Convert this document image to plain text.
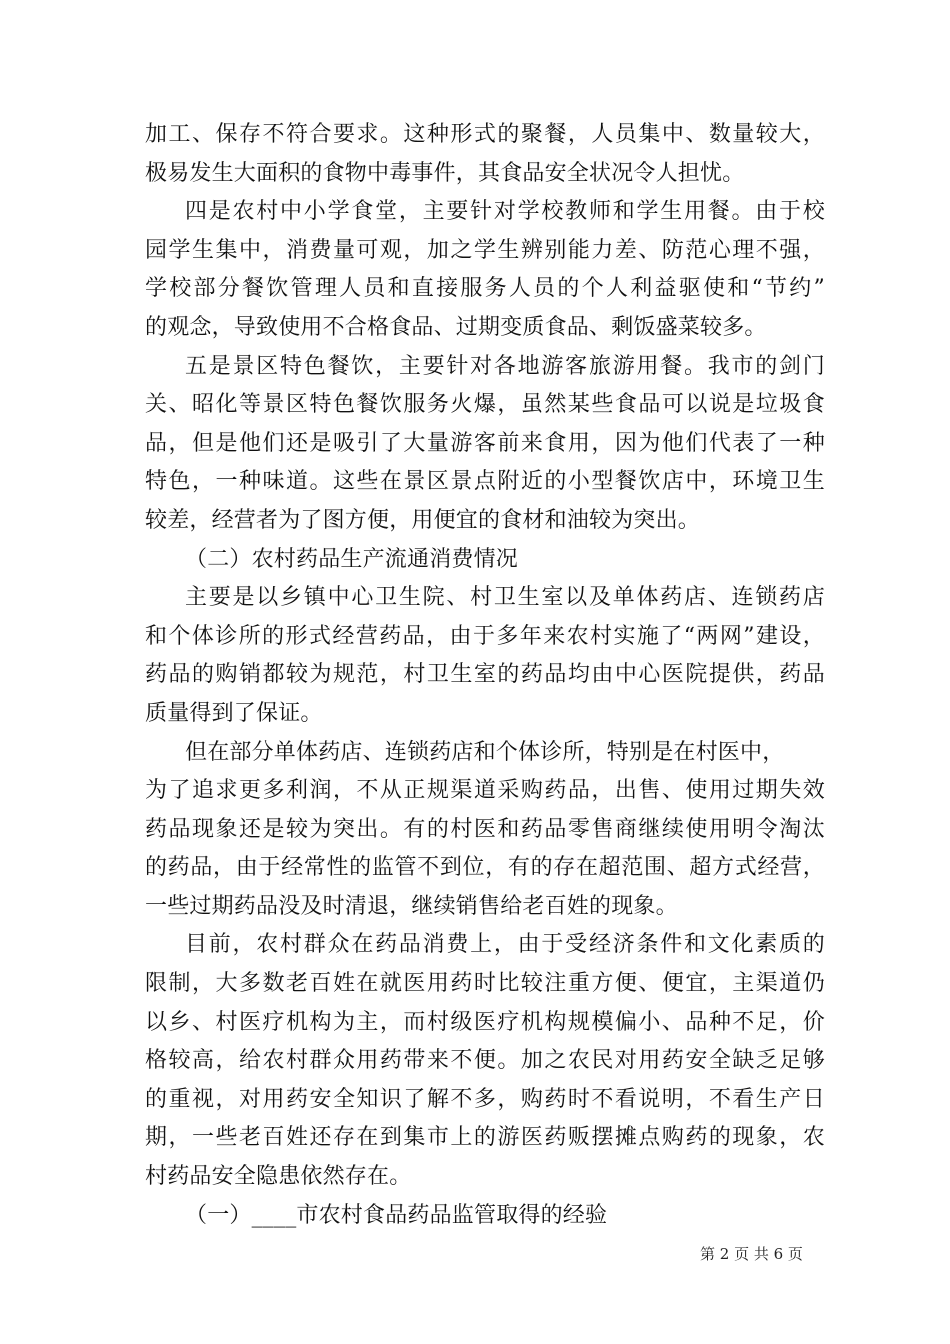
加工、保存不符合要求。这种形式的聚餐，人员集中、数量较大，
极易发生大面积的食物中毒事件，其食品安全状况令人担忧。
四是农村中小学食堂，主要针对学校教师和学生用餐。由于校
园学生集中，消费量可观，加之学生辨别能力差、防范心理不强，
学校部分餐饮管理人员和直接服务人员的个人利益驱使和“节约”
的观念，导致使用不合格食品、过期变质食品、剩饭盛菜较多。
五是景区特色餐饮，主要针对各地游客旅游用餐。我市的剑门
关、昭化等景区特色餐饮服务火爆，虽然某些食品可以说是垃圾食
品，但是他们还是吸引了大量游客前来食用，因为他们代表了一种
特色，一种味道。这些在景区景点附近的小型餐饮店中，环境卫生
较差，经营者为了图方便，用便宜的食材和油较为突出。
（二）农村药品生产流通消费情况
主要是以乡镇中心卫生院、村卫生室以及单体药店、连锁药店
和个体诊所的形式经营药品，由于多年来农村实施了“两网”建设，
药品的购销都较为规范，村卫生室的药品均由中心医院提供，药品
质量得到了保证。
但在部分单体药店、连锁药店和个体诊所，特别是在村医中，
为了追求更多利润，不从正规渠道采购药品，出售、使用过期失效
药品现象还是较为突出。有的村医和药品零售商继续使用明令淘汰
的药品，由于经常性的监管不到位，有的存在超范围、超方式经营，
一些过期药品没及时清退，继续销售给老百姓的现象。
目前，农村群众在药品消费上，由于受经济条件和文化素质的
限制，大多数老百姓在就医用药时比较注重方便、便宜，主渠道仍
以乡、村医疗机构为主，而村级医疗机构规模偏小、品种不足，价
格较高，给农村群众用药带来不便。加之农民对用药安全缺乏足够
的重视，对用药安全知识了解不多，购药时不看说明，不看生产日
期，一些老百姓还存在到集市上的游医药贩摆摊点购药的现象，农
村药品安全隐患依然存在。
（一）____市农村食品药品监管取得的经验
第 2 页 共 6 页
